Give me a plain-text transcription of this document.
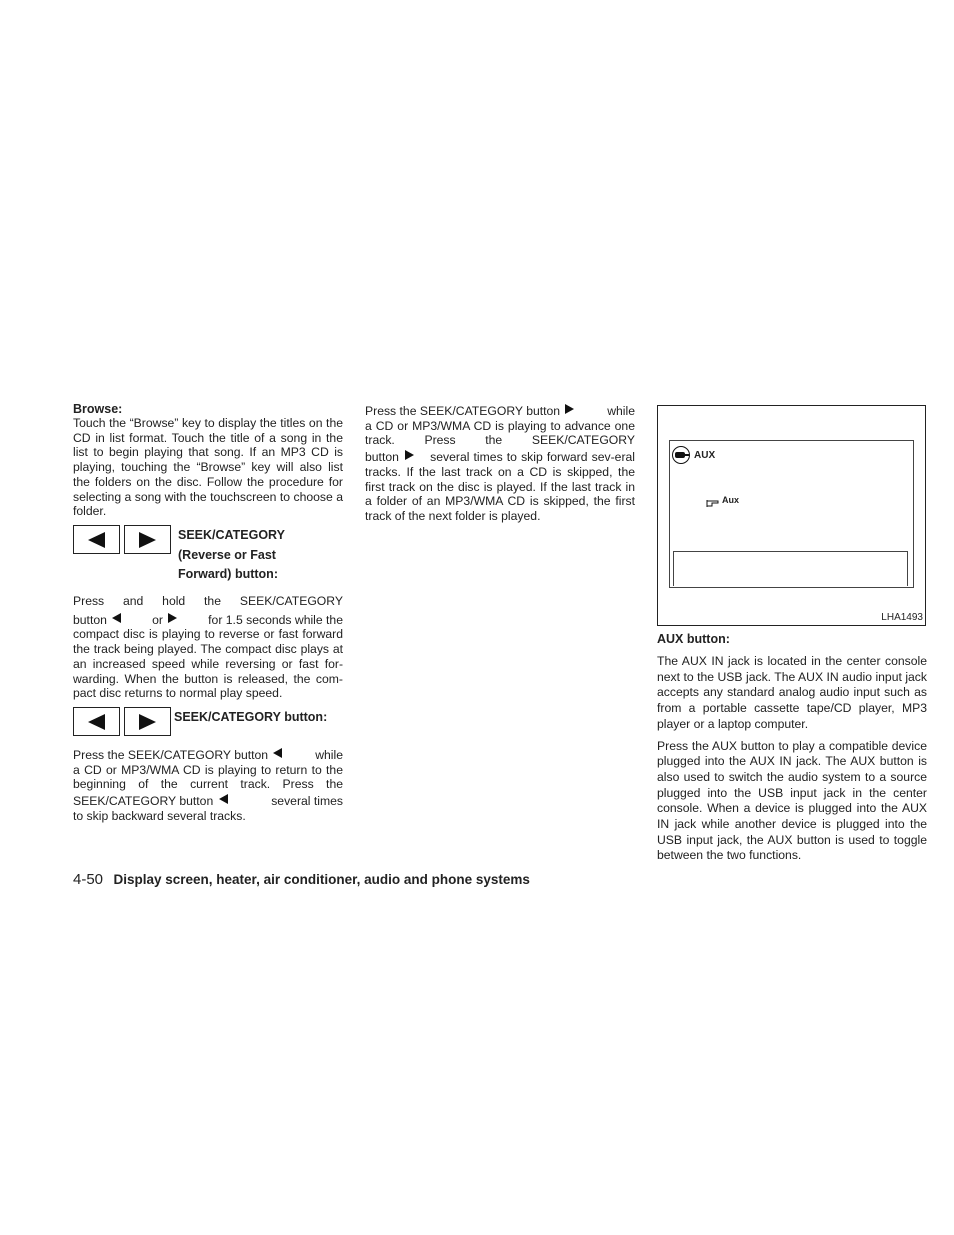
Browse:

Touch the “Browse” key to display the titles on the CD in list format. Touch the title of a song in the list to begin playing that song. If an MP3 CD is playing, touching the “Browse” key will also list the folders on the disc. Follow the procedure for selecting a song with the touchscreen to choose a folder.

SEEK/CATEGORY
(Reverse or Fast
Forward) button:

Press and hold the SEEK/CATEGORY

button	or	for 1.5 seconds while the

compact disc is playing to reverse or fast forward the track being played. The compact disc plays at an increased speed while reversing or fast for-warding. When the button is released, the com-pact disc returns to normal play speed.

SEEK/CATEGORY button:

Press the SEEK/CATEGORY button	while

a CD or MP3/WMA CD is playing to return to the beginning of the current track. Press the

SEEK/CATEGORY button	several times

to skip backward several tracks.

Press the SEEK/CATEGORY button	while

a CD or MP3/WMA CD is playing to advance one track. Press the SEEK/CATEGORY

button	several times to skip forward sev-eral tracks. If the last track on a CD is skipped, the first track on the disc is played. If the last track in a folder of an MP3/WMA CD is skipped, the first track of the next folder is played.

AUX
Aux
LHA1493
AUX button:

The AUX IN jack is located in the center console next to the USB jack. The AUX IN audio input jack accepts any standard analog audio input such as from a portable cassette tape/CD player, MP3 player or a laptop computer.

Press the AUX button to play a compatible device plugged into the AUX IN jack. The AUX button is also used to switch the audio system to a source plugged into the USB input jack in the center console. When a device is plugged into the AUX IN jack while another device is plugged into the USB input jack, the AUX button is used to toggle between the two functions.

4-50 Display screen, heater, air conditioner, audio and phone systems
